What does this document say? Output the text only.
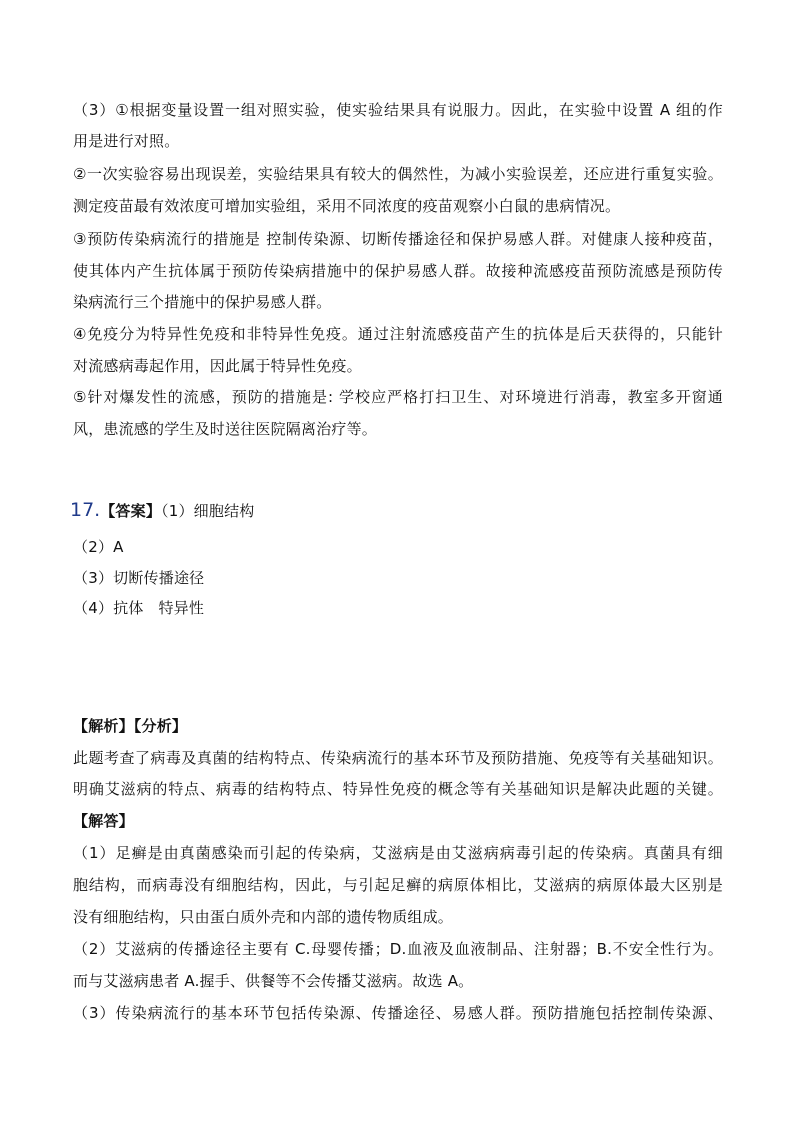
（3）①根据变量设置一组对照实验，使实验结果具有说服力。因此，在实验中设置 A 组的作
用是进行对照。
②一次实验容易出现误差，实验结果具有较大的偶然性，为减小实验误差，还应进行重复实验。
测定疫苗最有效浓度可增加实验组，采用不同浓度的疫苗观察小白鼠的患病情况。
③预防传染病流行的措施是 控制传染源、切断传播途径和保护易感人群。对健康人接种疫苗，
使其体内产生抗体属于预防传染病措施中的保护易感人群。故接种流感疫苗预防流感是预防传
染病流行三个措施中的保护易感人群。
④免疫分为特异性免疫和非特异性免疫。通过注射流感疫苗产生的抗体是后天获得的，只能针
对流感病毒起作用，因此属于特异性免疫。
⑤针对爆发性的流感，预防的措施是: 学校应严格打扫卫生、对环境进行消毒，教室多开窗通
风，患流感的学生及时送往医院隔离治疗等。
17.【答案】（1）细胞结构
（2）A
（3）切断传播途径
（4）抗体   特异性
【解析】【分析】
此题考查了病毒及真菌的结构特点、传染病流行的基本环节及预防措施、免疫等有关基础知识。
明确艾滋病的特点、病毒的结构特点、特异性免疫的概念等有关基础知识是解决此题的关键。
【解答】
（1）足癣是由真菌感染而引起的传染病，艾滋病是由艾滋病病毒引起的传染病。真菌具有细
胞结构，而病毒没有细胞结构，因此，与引起足癣的病原体相比，艾滋病的病原体最大区别是
没有细胞结构，只由蛋白质外壳和内部的遗传物质组成。
（2）艾滋病的传播途径主要有 C.母婴传播；D.血液及血液制品、注射器；B.不安全性行为。
而与艾滋病患者 A.握手、供餐等不会传播艾滋病。故选 A。
（3）传染病流行的基本环节包括传染源、传播途径、易感人群。预防措施包括控制传染源、
